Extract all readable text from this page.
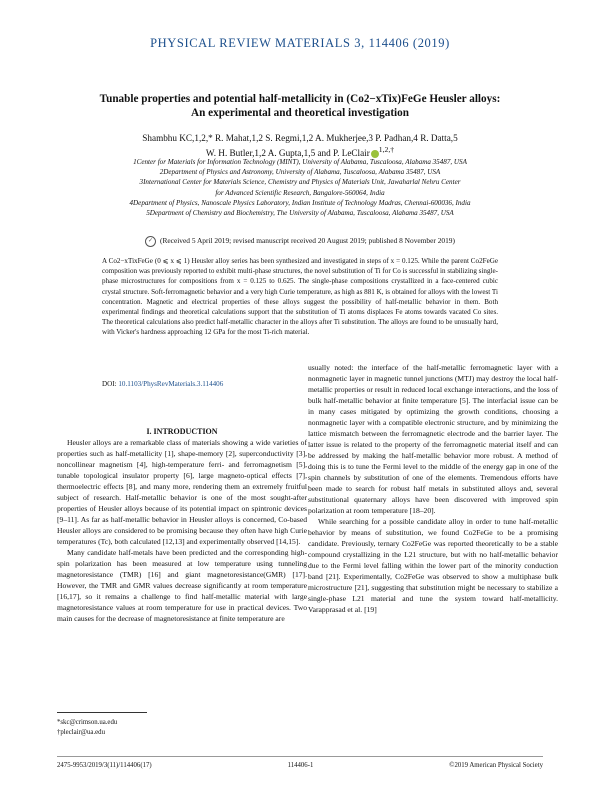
PHYSICAL REVIEW MATERIALS 3, 114406 (2019)
Tunable properties and potential half-metallicity in (Co2−xTix)FeGe Heusler alloys:
An experimental and theoretical investigation
Shambhu KC,1,2,* R. Mahat,1,2 S. Regmi,1,2 A. Mukherjee,3 P. Padhan,4 R. Datta,5
W. H. Butler,1,2 A. Gupta,1,5 and P. LeClair $^{1,2,\dagger}$
1Center for Materials for Information Technology (MINT), University of Alabama, Tuscaloosa, Alabama 35487, USA
2Department of Physics and Astronomy, University of Alabama, Tuscaloosa, Alabama 35487, USA
3International Center for Materials Science, Chemistry and Physics of Materials Unit, Jawaharlal Nehru Center
for Advanced Scientific Research, Bangalore-560064, India
4Department of Physics, Nanoscale Physics Laboratory, Indian Institute of Technology Madras, Chennai-600036, India
5Department of Chemistry and Biochemistry, The University of Alabama, Tuscaloosa, Alabama 35487, USA
✓ (Received 5 April 2019; revised manuscript received 20 August 2019; published 8 November 2019)
A Co2−xTixFeGe (0 ⩽ x ⩽ 1) Heusler alloy series has been synthesized and investigated in steps of x = 0.125. While the parent Co2FeGe composition was previously reported to exhibit multi-phase structures, the novel substitution of Ti for Co is successful in stabilizing single-phase microstructures for compositions from x = 0.125 to 0.625. The single-phase compositions crystallized in a face-centered cubic crystal structure. Soft-ferromagnetic behavior and a very high Curie temperature, as high as 881 K, is obtained for alloys with the lowest Ti concentration. Magnetic and electrical properties of these alloys suggest the possibility of half-metallic behavior in them. Both experimental findings and theoretical calculations support that the substitution of Ti atoms displaces Fe atoms towards vacated Co sites. The theoretical calculations also predict half-metallic character in the alloys after Ti substitution. The alloys are found to be unusually hard, with Vicker's hardness approaching 12 GPa for the most Ti-rich material.
DOI: 10.1103/PhysRevMaterials.3.114406

I. INTRODUCTION

Heusler alloys are a remarkable class of materials showing a wide varieties of properties such as half-metallicity [1], shape-memory [2], superconductivity [3], noncollinear magnetism [4], high-temperature ferri- and ferromagnetism [5], tunable topological insulator property [6], large magneto-optical effects [7], thermoelectric effects [8], and many more, rendering them an extremely fruitful subject of research. Half-metallic behavior is one of the most sought-after properties of Heusler alloys because of its potential impact on spintronic devices [9–11]. As far as half-metallic behavior in Heusler alloys is concerned, Co-based Heusler alloys are considered to be promising because they often have high Curie temperatures (Tc), both calculated [12,13] and experimentally observed [14,15].

Many candidate half-metals have been predicted and the corresponding high-spin polarization has been measured at low temperature using tunneling magnetoresistance (TMR) [16] and giant magnetoresistance(GMR) [17]. However, the TMR and GMR values decrease significantly at room temperature [16,17], so it remains a challenge to find half-metallic material with large magnetoresistance values at room temperature for use in practical devices. Two main causes for the decrease of magnetoresistance at finite temperature are

usually noted: the interface of the half-metallic ferromagnetic layer with a nonmagnetic layer in magnetic tunnel junctions (MTJ) may destroy the local half-metallic properties or result in reduced local exchange interactions, and the loss of bulk half-metallic behavior at finite temperature [5]. The interfacial issue can be in many cases mitigated by optimizing the growth conditions, choosing a nonmagnetic layer with a compatible electronic structure, and by minimizing the lattice mismatch between the ferromagnetic electrode and the barrier layer. The latter issue is related to the property of the ferromagnetic material itself and can be addressed by making the half-metallic behavior more robust. A method of doing this is to tune the Fermi level to the middle of the energy gap in one of the spin channels by substitution of one of the elements. Tremendous efforts have been made to search for robust half metals in substituted alloys and, several substitutional quaternary alloys have been discovered with improved spin polarization at room temperature [18–20].

While searching for a possible candidate alloy in order to tune half-metallic behavior by means of substitution, we found Co2FeGe to be a promising candidate. Previously, ternary Co2FeGe was reported theoretically to be a stable compound crystallizing in the L21 structure, but with no half-metallic behavior due to the Fermi level falling within the lower part of the minority conduction band [21]. Experimentally, Co2FeGe was observed to show a multiphase bulk microstructure [21], suggesting that substitution might be necessary to stabilize a single-phase L21 material and tune the system toward half-metallicity. Varapprasad et al. [19]

*skc@crimson.ua.edu
†pleclair@ua.edu
2475-9953/2019/3(11)/114406(17)	114406-1	©2019 American Physical Society
